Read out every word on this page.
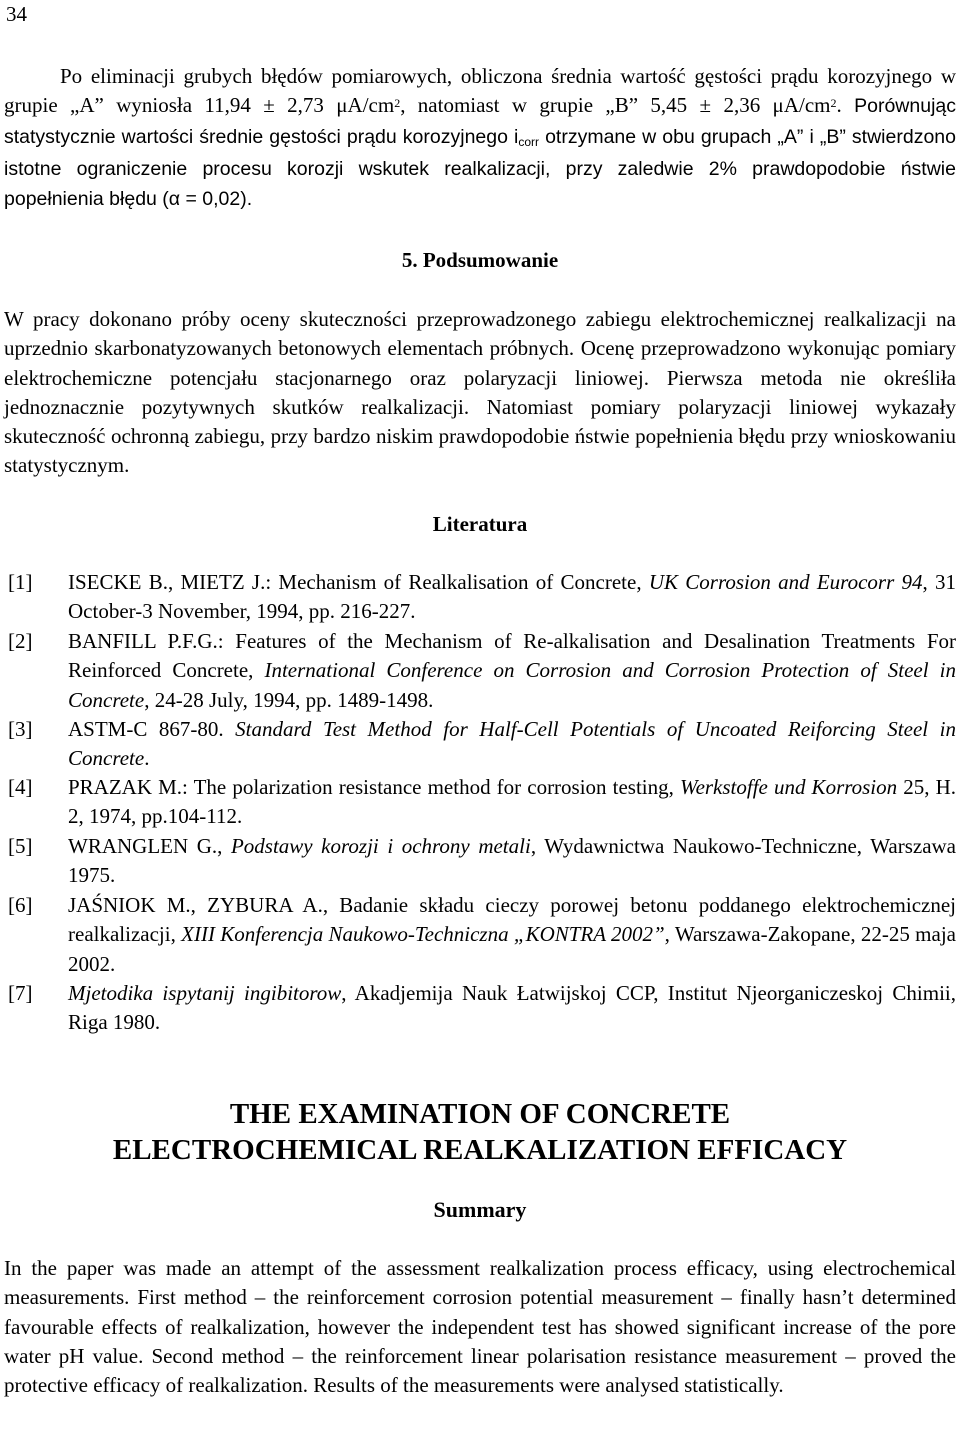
34

Po eliminacji grubych błędów pomiarowych, obliczona średnia wartość gęstości prądu korozyjnego w grupie „A” wyniosła 11,94 ± 2,73 $\mu A/cm^2$, natomiast w grupie „B” 5,45 ± 2,36 $\mu A/cm^2$. Porównując statystycznie wartości średnie gęstości prądu korozyjnego $i_{corr}$ otrzymane w obu grupach „A” i „B” stwierdzono istotne ograniczenie procesu korozji wskutek realkalizacji, przy zaledwie 2% prawdopodobie ństwie popełnienia błędu (α = 0,02).

5. Podsumowanie

W pracy dokonano próby oceny skuteczności przeprowadzonego zabiegu elektrochemicznej realkalizacji na uprzednio skarbonatyzowanych betonowych elementach próbnych. Ocenę przeprowadzono wykonując pomiary elektrochemiczne potencjału stacjonarnego oraz polaryzacji liniowej. Pierwsza metoda nie określiła jednoznacznie pozytywnych skutków realkalizacji. Natomiast pomiary polaryzacji liniowej wykazały skuteczność ochronną zabiegu, przy bardzo niskim prawdopodobie ństwie popełnienia błędu przy wnioskowaniu statystycznym.

Literatura
[1] ISECKE B., MIETZ J.: Mechanism of Realkalisation of Concrete, UK Corrosion and Eurocorr 94, 31 October-3 November, 1994, pp. 216-227.
[2] BANFILL P.F.G.: Features of the Mechanism of Re-alkalisation and Desalination Treatments For Reinforced Concrete, International Conference on Corrosion and Corrosion Protection of Steel in Concrete, 24-28 July, 1994, pp. 1489-1498.
[3] ASTM-C 867-80. Standard Test Method for Half-Cell Potentials of Uncoated Reiforcing Steel in Concrete.
[4] PRAZAK M.: The polarization resistance method for corrosion testing, Werkstoffe und Korrosion 25, H. 2, 1974, pp.104-112.
[5] WRANGLEN G., Podstawy korozji i ochrony metali, Wydawnictwa Naukowo-Techniczne, Warszawa 1975.
[6] JAŚNIOK M., ZYBURA A., Badanie składu cieczy porowej betonu poddanego elektrochemicznej realkalizacji, XIII Konferencja Naukowo-Techniczna „KONTRA 2002”, Warszawa-Zakopane, 22-25 maja 2002.
[7] Mjetodika ispytanij ingibitorow, Akadjemija Nauk Łatwijskoj CCP, Institut Njeorganiczeskoj Chimii, Riga 1980.
THE EXAMINATION OF CONCRETE
ELECTROCHEMICAL REALKALIZATION EFFICACY
Summary

In the paper was made an attempt of the assessment realkalization process efficacy, using electrochemical measurements. First method – the reinforcement corrosion potential measurement – finally hasn’t determined favourable effects of realkalization, however the independent test has showed significant increase of the pore water pH value. Second method – the reinforcement linear polarisation resistance measurement – proved the protective efficacy of realkalization. Results of the measurements were analysed statistically.
